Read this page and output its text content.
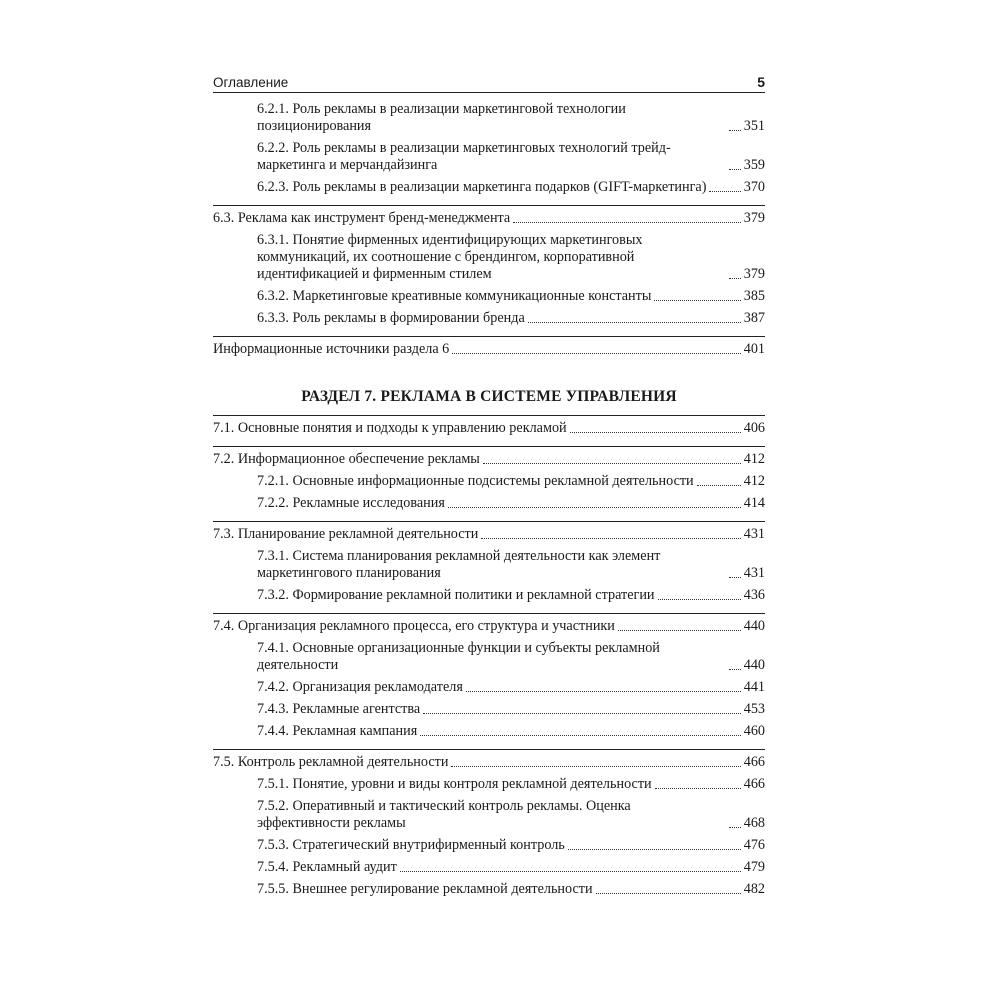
Оглавление	5
6.2.1. Роль рекламы в реализации маркетинговой технологии позиционирования	351
6.2.2. Роль рекламы в реализации маркетинговых технологий трейд-маркетинга и мерчандайзинга	359
6.2.3. Роль рекламы в реализации маркетинга подарков (GIFT-маркетинга)	370
6.3. Реклама как инструмент бренд-менеджмента	379
6.3.1. Понятие фирменных идентифицирующих маркетинговых коммуникаций, их соотношение с брендингом, корпоративной идентификацией и фирменным стилем	379
6.3.2. Маркетинговые креативные коммуникационные константы	385
6.3.3. Роль рекламы в формировании бренда	387
Информационные источники раздела 6	401
РАЗДЕЛ 7. РЕКЛАМА В СИСТЕМЕ УПРАВЛЕНИЯ
7.1. Основные понятия и подходы к управлению рекламой	406
7.2. Информационное обеспечение рекламы	412
7.2.1. Основные информационные подсистемы рекламной деятельности	412
7.2.2. Рекламные исследования	414
7.3. Планирование рекламной деятельности	431
7.3.1. Система планирования рекламной деятельности как элемент маркетингового планирования	431
7.3.2. Формирование рекламной политики и рекламной стратегии	436
7.4. Организация рекламного процесса, его структура и участники	440
7.4.1. Основные организационные функции и субъекты рекламной деятельности	440
7.4.2. Организация рекламодателя	441
7.4.3. Рекламные агентства	453
7.4.4. Рекламная кампания	460
7.5. Контроль рекламной деятельности	466
7.5.1. Понятие, уровни и виды контроля рекламной деятельности	466
7.5.2. Оперативный и тактический контроль рекламы. Оценка эффективности рекламы	468
7.5.3. Стратегический внутрифирменный контроль	476
7.5.4. Рекламный аудит	479
7.5.5. Внешнее регулирование рекламной деятельности	482
